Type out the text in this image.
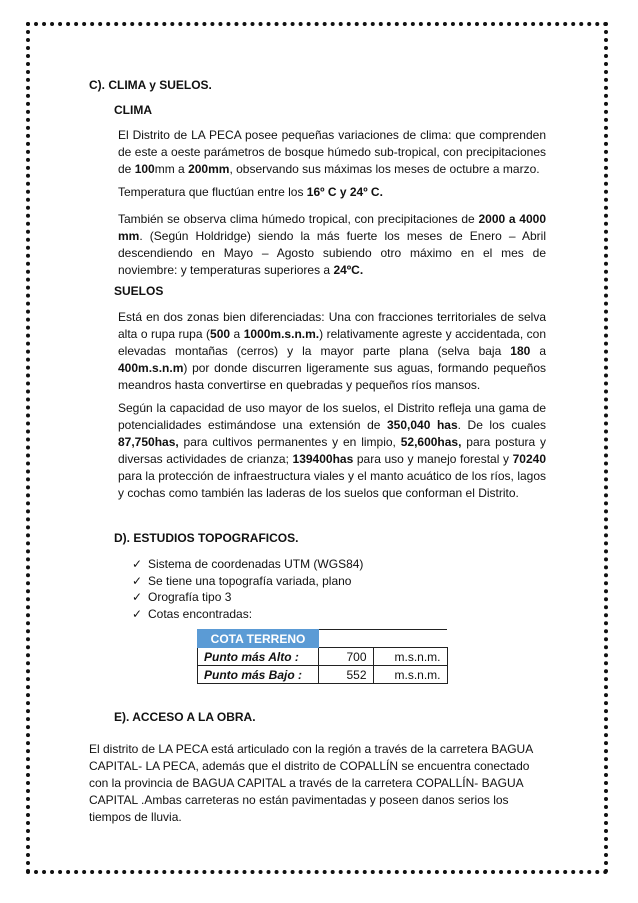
C). CLIMA y SUELOS.
CLIMA
El Distrito de LA PECA posee pequeñas variaciones de clima: que comprenden de este a oeste parámetros de bosque húmedo sub-tropical, con precipitaciones de 100mm a 200mm, observando sus máximas los meses de octubre a marzo.
Temperatura que fluctúan entre los 16º C y 24º C.
También se observa clima húmedo tropical, con precipitaciones de 2000 a 4000 mm. (Según Holdridge) siendo la más fuerte los meses de Enero – Abril descendiendo en Mayo – Agosto subiendo otro máximo en el mes de noviembre: y temperaturas superiores a 24ºC.
SUELOS
Está en dos zonas bien diferenciadas: Una con fracciones territoriales de selva alta o rupa rupa (500 a 1000m.s.n.m.) relativamente agreste y accidentada, con elevadas montañas (cerros) y la mayor parte plana (selva baja 180 a 400m.s.n.m) por donde discurren ligeramente sus aguas, formando pequeños meandros hasta convertirse en quebradas y pequeños ríos mansos.
Según la capacidad de uso mayor de los suelos, el Distrito refleja una gama de potencialidades estimándose una extensión de 350,040 has. De los cuales 87,750has, para cultivos permanentes y en limpio, 52,600has, para postura y diversas actividades de crianza; 139400has para uso y manejo forestal y 70240 para la protección de infraestructura viales y el manto acuático de los ríos, lagos y cochas como también las laderas de los suelos que conforman el Distrito.
D). ESTUDIOS TOPOGRAFICOS.
✓ Sistema de coordenadas UTM (WGS84)
✓ Se tiene una topografía variada, plano
✓ Orografía tipo 3
✓ Cotas encontradas:
COTA TERRENO		
Punto más Alto :	700	m.s.n.m.
Punto más Bajo :	552	m.s.n.m.
E). ACCESO A LA OBRA.
El distrito de LA PECA está articulado con la región a través de la carretera BAGUA CAPITAL- LA PECA, además que el distrito de COPALLÍN se encuentra conectado con la provincia de BAGUA CAPITAL a través de la carretera COPALLÍN- BAGUA CAPITAL .Ambas carreteras no están pavimentadas y poseen danos serios los tiempos de lluvia.
